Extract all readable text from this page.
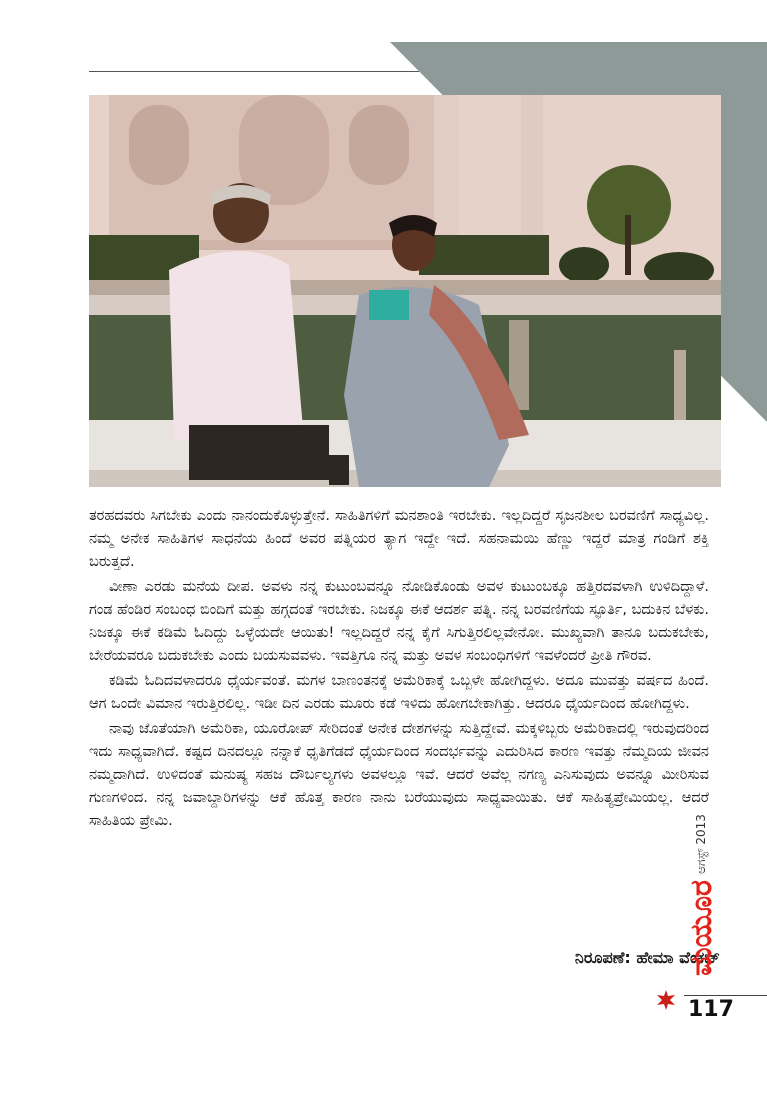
ತರಹದವರು ಸಿಗಬೇಕು ಎಂದು ನಾನಂದುಕೊಳ್ಳುತ್ತೇನೆ. ಸಾಹಿತಿಗಳಿಗೆ ಮನಶಾಂತಿ ಇರಬೇಕು. ಇಲ್ಲದಿದ್ದರೆ ಸೃಜನಶೀಲ ಬರವಣಿಗೆ ಸಾಧ್ಯವಿಲ್ಲ. ನಮ್ಮ ಅನೇಕ ಸಾಹಿತಿಗಳ ಸಾಧನೆಯ ಹಿಂದೆ ಅವರ ಪತ್ನಿಯರ ತ್ಯಾಗ ಇದ್ದೇ ಇದೆ. ಸಹನಾಮಯಿ ಹೆಣ್ಣು ಇದ್ದರೆ ಮಾತ್ರ ಗಂಡಿಗೆ ಶಕ್ತಿ ಬರುತ್ತದೆ.

ವೀಣಾ ಎರಡು ಮನೆಯ ದೀಪ. ಅವಳು ನನ್ನ ಕುಟುಂಬವನ್ನೂ ನೋಡಿಕೊಂಡು ಅವಳ ಕುಟುಂಬಕ್ಕೂ ಹತ್ತಿರದವಳಾಗಿ ಉಳಿದಿದ್ದಾಳೆ. ಗಂಡ ಹೆಂಡಿರ ಸಂಬಂಧ ಬಿಂದಿಗೆ ಮತ್ತು ಹಗ್ಗದಂತೆ ಇರಬೇಕು. ನಿಜಕ್ಕೂ ಈಕೆ ಆದರ್ಶ ಪತ್ನಿ. ನನ್ನ ಬರವಣಿಗೆಯ ಸ್ಫೂರ್ತಿ, ಬದುಕಿನ ಬೆಳಕು. ನಿಜಕ್ಕೂ ಈಕೆ ಕಡಿಮೆ ಓದಿದ್ದು ಒಳ್ಳೆಯದೇ ಆಯಿತು! ಇಲ್ಲದಿದ್ದರೆ ನನ್ನ ಕೈಗೆ ಸಿಗುತ್ತಿರಲಿಲ್ಲವೇನೋ. ಮುಖ್ಯವಾಗಿ ತಾನೂ ಬದುಕಬೇಕು, ಬೇರೆಯವರೂ ಬದುಕಬೇಕು ಎಂದು ಬಯಸುವವಳು. ಇವತ್ತಿಗೂ ನನ್ನ ಮತ್ತು ಅವಳ ಸಂಬಂಧಿಗಳಿಗೆ ಇವಳೆಂದರೆ ಪ್ರೀತಿ ಗೌರವ.

ಕಡಿಮೆ ಓದಿದವಳಾದರೂ ಧೈರ್ಯವಂತೆ. ಮಗಳ ಬಾಣಂತನಕ್ಕೆ ಅಮೆರಿಕಾಕ್ಕೆ ಒಬ್ಬಳೇ ಹೋಗಿದ್ದಳು. ಅದೂ ಮುವತ್ತು ವರ್ಷದ ಹಿಂದೆ. ಆಗ ಒಂದೇ ವಿಮಾನ ಇರುತ್ತಿರಲಿಲ್ಲ. ಇಡೀ ದಿನ ಎರಡು ಮೂರು ಕಡೆ ಇಳಿದು ಹೋಗಬೇಕಾಗಿತ್ತು. ಆದರೂ ಧೈರ್ಯದಿಂದ ಹೋಗಿದ್ದಳು.

ನಾವು ಜೊತೆಯಾಗಿ ಅಮೆರಿಕಾ, ಯೂರೋಪ್ ಸೇರಿದಂತೆ ಅನೇಕ ದೇಶಗಳನ್ನು ಸುತ್ತಿದ್ದೇವೆ. ಮಕ್ಕಳಿಬ್ಬರು ಅಮೆರಿಕಾದಲ್ಲಿ ಇರುವುದರಿಂದ ಇದು ಸಾಧ್ಯವಾಗಿದೆ. ಕಷ್ಟದ ದಿನದಲ್ಲೂ ನನ್ನಾಕೆ ಧೃತಿಗೆಡದೆ ಧೈರ್ಯದಿಂದ ಸಂದರ್ಭವನ್ನು ಎದುರಿಸಿದ ಕಾರಣ ಇವತ್ತು ನೆಮ್ಮದಿಯ ಜೀವನ ನಮ್ಮದಾಗಿದೆ. ಉಳಿದಂತೆ ಮನುಷ್ಯ ಸಹಜ ದೌರ್ಬಲ್ಯಗಳು ಅವಳಲ್ಲೂ ಇವೆ. ಆದರೆ ಅವೆಲ್ಲ ನಗಣ್ಯ ಎನಿಸುವುದು ಅವನ್ನೂ ಮೀರಿಸುವ ಗುಣಗಳಿಂದ. ನನ್ನ ಜವಾಬ್ದಾರಿಗಳನ್ನು ಆಕೆ ಹೊತ್ತ ಕಾರಣ ನಾನು ಬರೆಯುವುದು ಸಾಧ್ಯವಾಯಿತು. ಆಕೆ ಸಾಹಿತ್ಯಪ್ರೇಮಿಯಲ್ಲ. ಆದರೆ ಸಾಹಿತಿಯ ಪ್ರೇಮಿ.

ನಿರೂಪಣೆ: ಹೇಮಾ ವೆಂಕಟ್
ಆಗಸ್ಟ್ 2013
ಮಯೂರ
117
